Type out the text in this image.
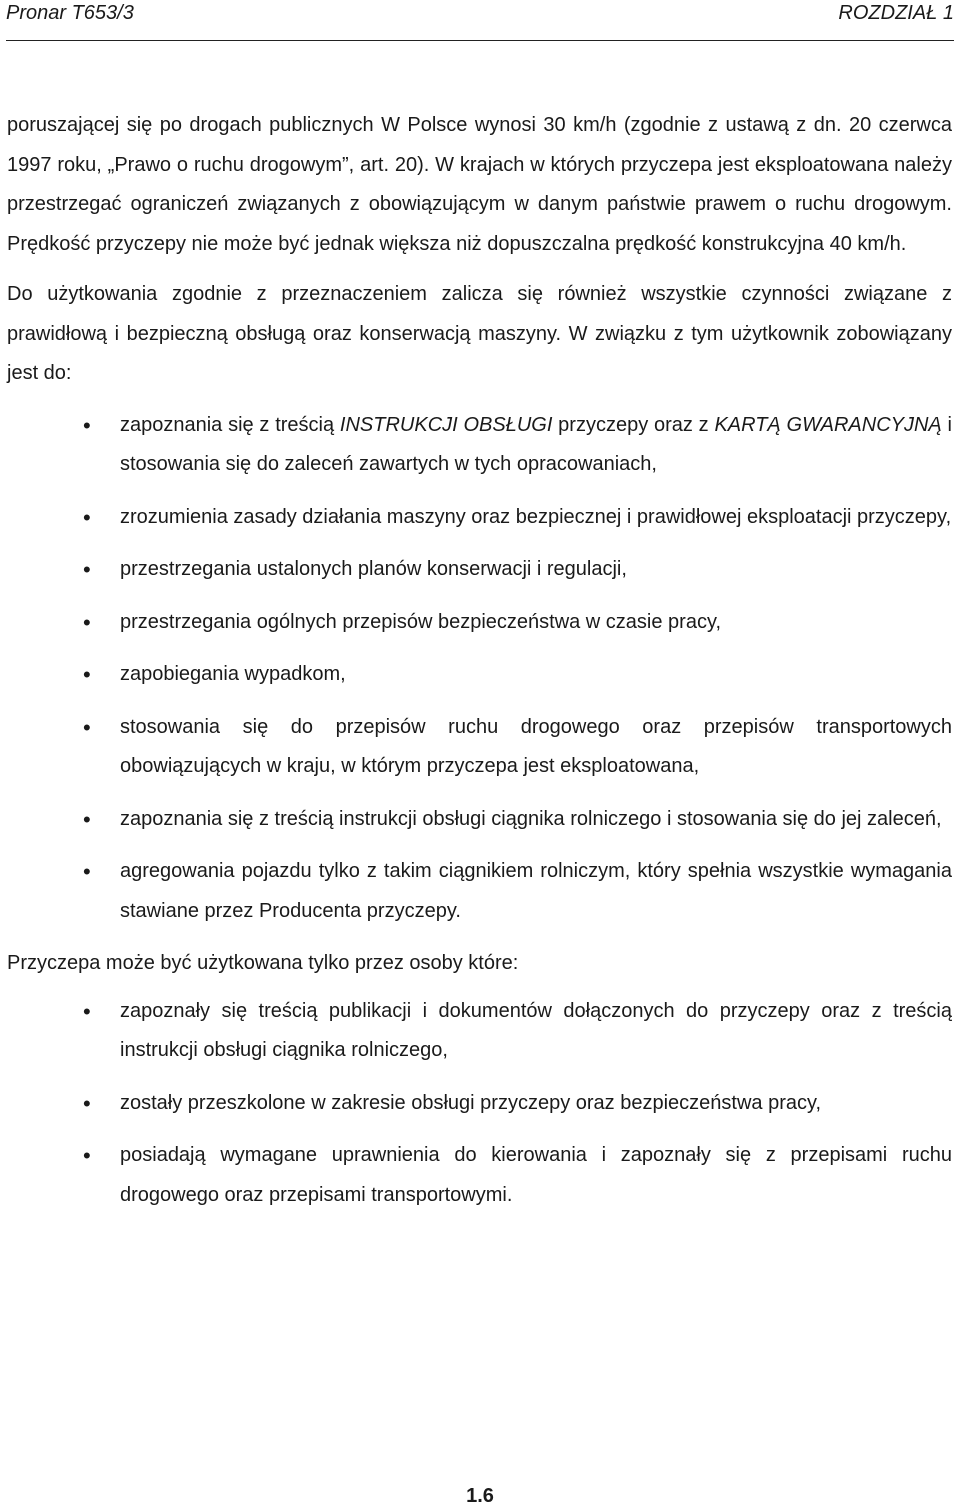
Pronar T653/3	ROZDZIAŁ 1

poruszającej się po drogach publicznych W Polsce wynosi 30 km/h (zgodnie z ustawą z dn. 20 czerwca 1997 roku, „Prawo o ruchu drogowym”, art. 20). W krajach w których przyczepa jest eksploatowana należy przestrzegać ograniczeń związanych z obowiązującym w danym państwie prawem o ruchu drogowym. Prędkość przyczepy nie może być jednak większa niż dopuszczalna prędkość konstrukcyjna 40 km/h.

Do użytkowania zgodnie z przeznaczeniem zalicza się również wszystkie czynności związane z prawidłową i bezpieczną obsługą oraz konserwacją maszyny. W związku z tym użytkownik zobowiązany jest do:

• zapoznania się z treścią INSTRUKCJI OBSŁUGI przyczepy oraz z KARTĄ GWARANCYJNĄ i stosowania się do zaleceń zawartych w tych opracowaniach,
• zrozumienia zasady działania maszyny oraz bezpiecznej i prawidłowej eksploatacji przyczepy,
• przestrzegania ustalonych planów konserwacji i regulacji,
• przestrzegania ogólnych przepisów bezpieczeństwa w czasie pracy,
• zapobiegania wypadkom,
• stosowania się do przepisów ruchu drogowego oraz przepisów transportowych obowiązujących w kraju, w którym przyczepa jest eksploatowana,
• zapoznania się z treścią instrukcji obsługi ciągnika rolniczego i stosowania się do jej zaleceń,
• agregowania pojazdu tylko z takim ciągnikiem rolniczym, który spełnia wszystkie wymagania stawiane przez Producenta przyczepy.

Przyczepa może być użytkowana tylko przez osoby które:

• zapoznały się treścią publikacji i dokumentów dołączonych do przyczepy oraz z treścią instrukcji obsługi ciągnika rolniczego,
• zostały przeszkolone w zakresie obsługi przyczepy oraz bezpieczeństwa pracy,
• posiadają wymagane uprawnienia do kierowania i zapoznały się z przepisami ruchu drogowego oraz przepisami transportowymi.
1.6
